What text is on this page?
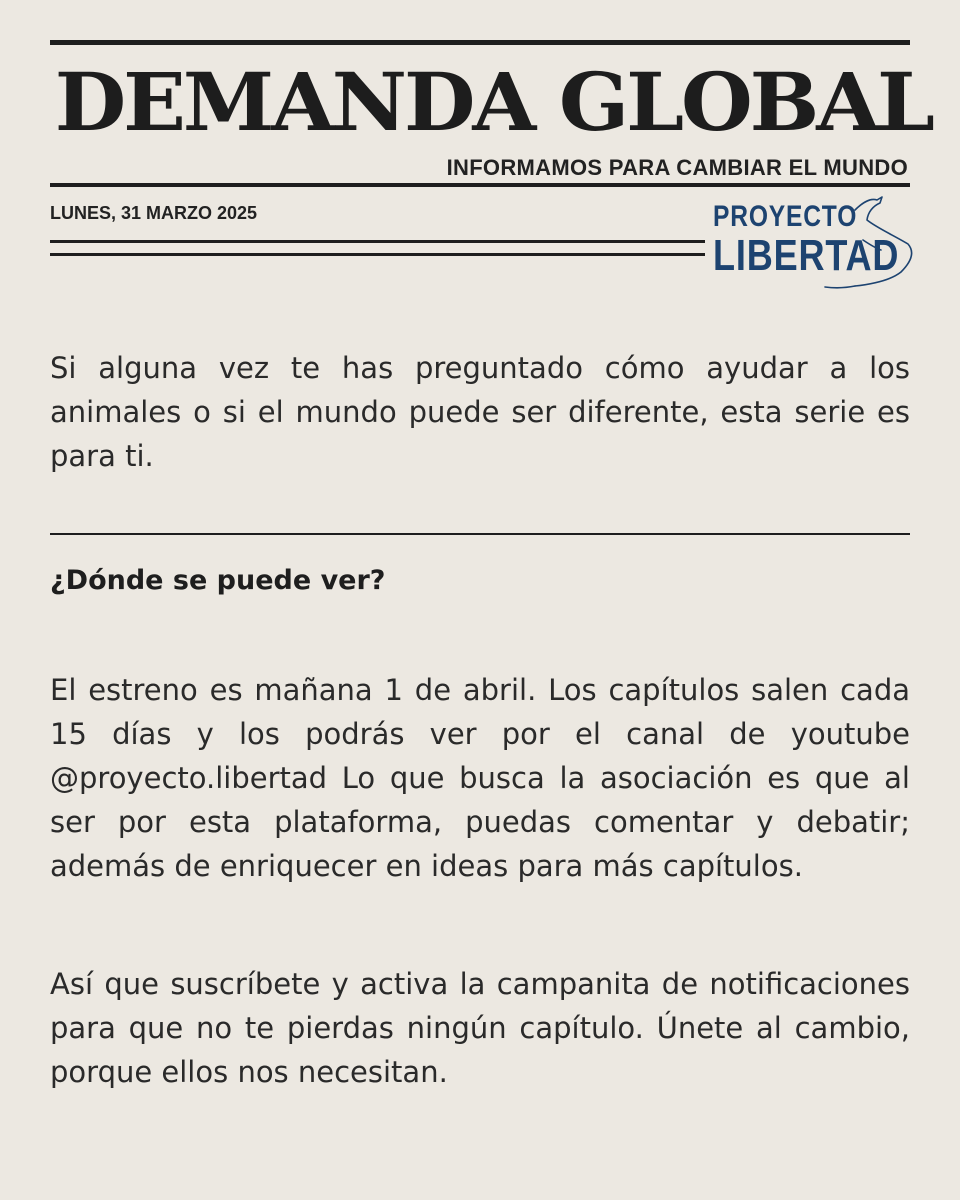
DEMANDA GLOBAL
INFORMAMOS PARA CAMBIAR EL MUNDO
LUNES, 31 MARZO 2025	PROYECTO
LIBERTAD

Si alguna vez te has preguntado cómo ayudar a los animales o si el mundo puede ser diferente, esta serie es para ti.

¿Dónde se puede ver?

El estreno es mañana 1 de abril. Los capítulos salen cada 15 días y los podrás ver por el canal de youtube @proyecto.libertad Lo que busca la asociación es que al ser por esta plataforma, puedas comentar y debatir; además de enriquecer en ideas para más capítulos.

Así que suscríbete y activa la campanita de notificaciones para que no te pierdas ningún capítulo. Únete al cambio, porque ellos nos necesitan.
